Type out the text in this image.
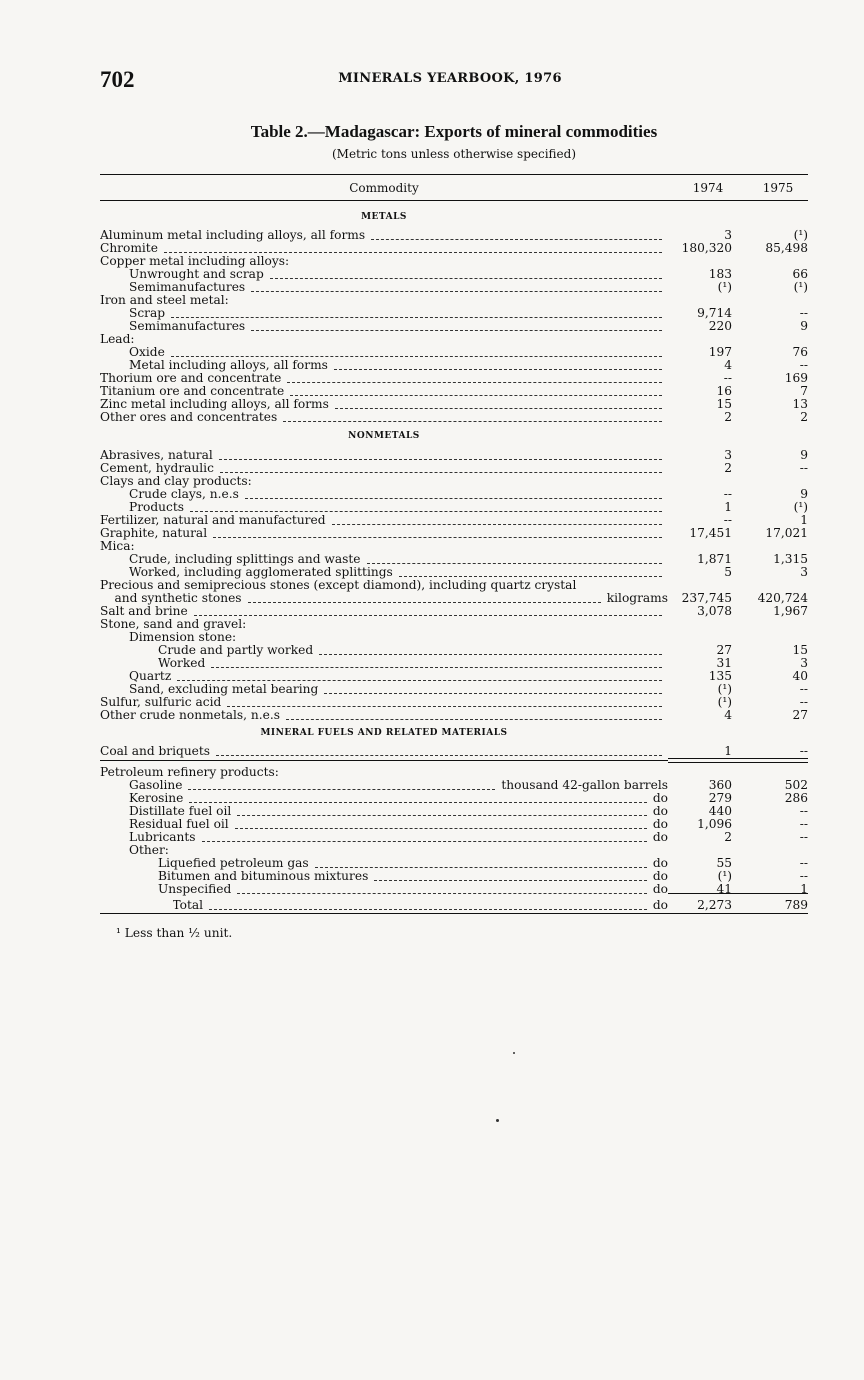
702	MINERALS YEARBOOK, 1976
Table 2.—Madagascar: Exports of mineral commodities
(Metric tons unless otherwise specified)
Commodity	1974	1975
METALS
Aluminum metal including alloys, all forms	3	(¹)
Chromite	180,320	85,498
Copper metal including alloys:
Unwrought and scrap	183	66
Semimanufactures	(¹)	(¹)
Iron and steel metal:
Scrap	9,714	--
Semimanufactures	220	9
Lead:
Oxide	197	76
Metal including alloys, all forms	4	--
Thorium ore and concentrate	--	169
Titanium ore and concentrate	16	7
Zinc metal including alloys, all forms	15	13
Other ores and concentrates	2	2
NONMETALS
Abrasives, natural	3	9
Cement, hydraulic	2	--
Clays and clay products:
Crude clays, n.e.s	--	9
Products	1	(¹)
Fertilizer, natural and manufactured	--	1
Graphite, natural	17,451	17,021
Mica:
Crude, including splittings and waste	1,871	1,315
Worked, including agglomerated splittings	5	3
Precious and semiprecious stones (except diamond), including quartz crystal
and synthetic stones	kilograms	237,745	420,724
Salt and brine	3,078	1,967
Stone, sand and gravel:
Dimension stone:
Crude and partly worked	27	15
Worked	31	3
Quartz	135	40
Sand, excluding metal bearing	(¹)	--
Sulfur, sulfuric acid	(¹)	--
Other crude nonmetals, n.e.s	4	27
MINERAL FUELS AND RELATED MATERIALS
Coal and briquets	1	--
Petroleum refinery products:
Gasoline	thousand 42-gallon barrels	360	502
Kerosine	do	279	286
Distillate fuel oil	do	440	--
Residual fuel oil	do	1,096	--
Lubricants	do	2	--
Other:
Liquefied petroleum gas	do	55	--
Bitumen and bituminous mixtures	do	(¹)	--
Unspecified	do	41	1
Total	do	2,273	789
¹ Less than ½ unit.
